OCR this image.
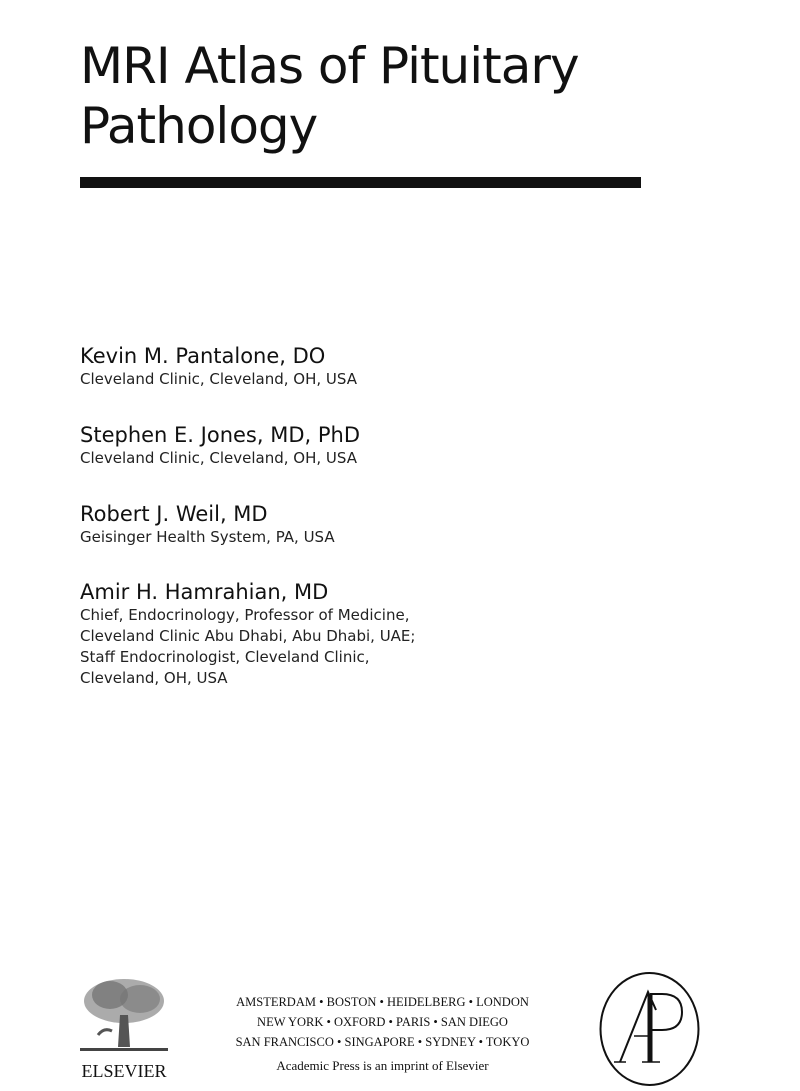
MRI Atlas of Pituitary
Pathology
Kevin M. Pantalone, DO
Cleveland Clinic, Cleveland, OH, USA
Stephen E. Jones, MD, PhD
Cleveland Clinic, Cleveland, OH, USA
Robert J. Weil, MD
Geisinger Health System, PA, USA
Amir H. Hamrahian, MD
Chief, Endocrinology, Professor of Medicine,
Cleveland Clinic Abu Dhabi, Abu Dhabi, UAE;
Staff Endocrinologist, Cleveland Clinic,
Cleveland, OH, USA
ELSEVIER
AMSTERDAM • BOSTON • HEIDELBERG • LONDON
NEW YORK • OXFORD • PARIS • SAN DIEGO
SAN FRANCISCO • SINGAPORE • SYDNEY • TOKYO
Academic Press is an imprint of Elsevier
